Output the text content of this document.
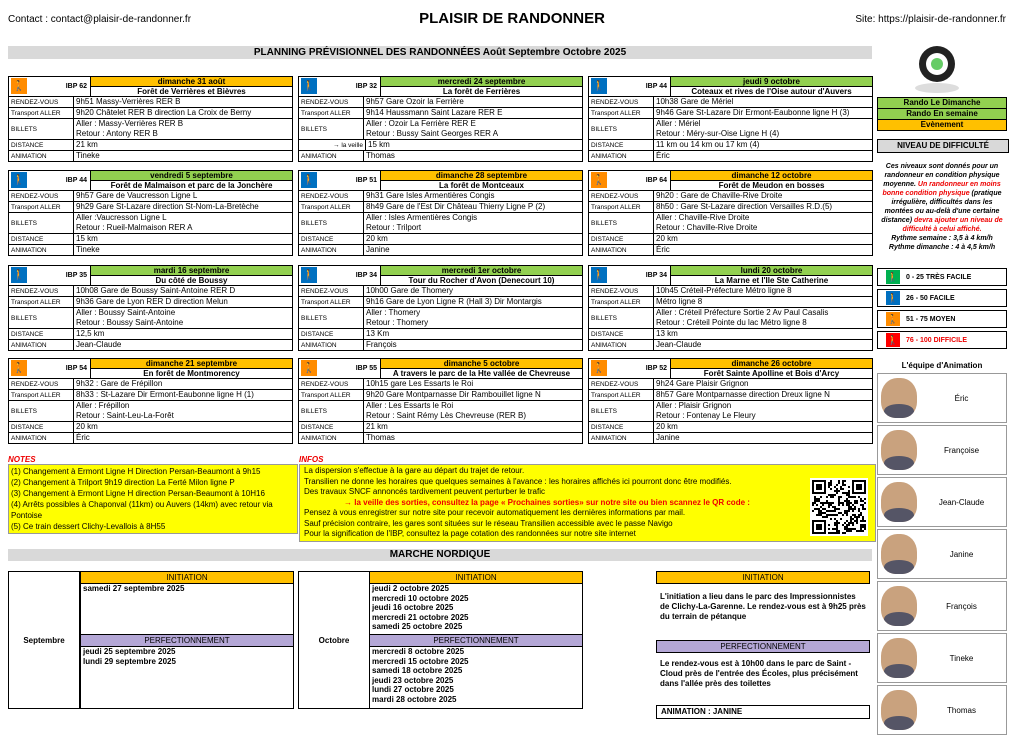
Contact : contact@plaisir-de-randonner.fr	PLAISIR DE RANDONNER	Site: https://plaisir-de-randonner.fr
PLANNING PRÉVISIONNEL DES RANDONNÉES Août Septembre Octobre 2025
🚶	IBP 62
dimanche 31 août
Forêt de Verrières et Bièvres
RENDEZ-VOUS	9h51 Massy-Verrières RER B
Transport ALLER	9h20 Châtelet RER B direction La Croix de Berny
BILLETS
Aller : Massy-Verrières RER B
Retour : Antony RER B
DISTANCE	21 km
ANIMATION	Tineke
🚶	IBP 32
mercredi 24 septembre
La forêt de Ferrières
RENDEZ-VOUS	9h57 Gare Ozoir la Ferrière
Transport ALLER	9h14 Haussmann Saint Lazare RER E
BILLETS
Aller : Ozoir La Ferrière RER E
Retour : Bussy Saint Georges RER A
→ la veille 15 km
ANIMATION	Thomas
🚶	IBP 44
jeudi 9 octobre
Coteaux et rives de l'Oise autour d'Auvers
RENDEZ-VOUS	10h38 Gare de Mériel
Transport ALLER	9h46 Gare St-Lazare Dir Ermont-Eaubonne ligne H (3)
BILLETS
Aller : Mériel
Retour : Méry-sur-Oise Ligne H (4)
DISTANCE	11 km ou 14 km ou 17 km (4)
ANIMATION	Éric
🚶	IBP 44
vendredi 5 septembre
Forêt de Malmaison et parc de la Jonchère
RENDEZ-VOUS	9h57 Gare de Vaucresson Ligne L
Transport ALLER	9h29 Gare St-Lazare direction St-Nom-La-Bretèche
BILLETS
Aller :Vaucresson Ligne L
Retour : Rueil-Malmaison RER A
DISTANCE	15 km
ANIMATION	Tineke
🚶	IBP 51
dimanche 28 septembre
La forêt de Montceaux
RENDEZ-VOUS	9h31 Gare Isles Armentières Congis
Transport ALLER	8h49 Gare de l'Est Dir Château Thierry Ligne P (2)
BILLETS
Aller : Isles Armentières Congis
Retour : Trilport
DISTANCE	20 km
ANIMATION	Janine
🚶	IBP 64
dimanche 12 octobre
Forêt de Meudon en bosses
RENDEZ-VOUS	9h20 : Gare de Chaville-Rive Droite
Transport ALLER	8h50 : Gare St-Lazare direction Versailles R.D.(5)
BILLETS
Aller : Chaville-Rive Droite
Retour : Chaville-Rive Droite
DISTANCE	20 km
ANIMATION	Éric
🚶	IBP 35
mardi 16 septembre
Du côté de Boussy
RENDEZ-VOUS	10h08 Gare de Boussy Saint-Antoine RER D
Transport ALLER	9h36 Gare de Lyon RER D direction Melun
BILLETS
Aller : Boussy Saint-Antoine
Retour : Boussy Saint-Antoine
DISTANCE	12,5 km
ANIMATION	Jean-Claude
🚶	IBP 34
mercredi 1er octobre
Tour du Rocher d'Avon (Denecourt 10)
RENDEZ-VOUS	10h00 Gare de Thomery
Transport ALLER	9h16 Gare de Lyon Ligne R (Hall 3) Dir Montargis
BILLETS
Aller : Thomery
Retour : Thomery
DISTANCE	13 Km
ANIMATION	François
🚶	IBP 34
lundi 20 octobre
La Marne et l'Ile Ste Catherine
RENDEZ-VOUS	10h45 Créteil-Préfecture Métro ligne 8
Transport ALLER	Métro ligne 8
BILLETS
Aller : Créteil Préfecture Sortie 2 Av Paul Casalis
Retour : Créteil Pointe du lac Métro ligne 8
DISTANCE	13 km
ANIMATION	Jean-Claude
🚶	IBP 54
dimanche 21 septembre
En forêt de Montmorency
RENDEZ-VOUS	9h32 : Gare de Frépillon
Transport ALLER	8h33 : St-Lazare Dir Ermont-Eaubonne ligne H (1)
BILLETS
Aller : Frépillon
Retour : Saint-Leu-La-Forêt
DISTANCE	20 km
ANIMATION	Éric
🚶	IBP 55
dimanche 5 octobre
A travers le parc de la Hte vallée de Chevreuse
RENDEZ-VOUS	10h15 gare Les Essarts le Roi
Transport ALLER	9h20 Gare Montparnasse Dir Rambouillet ligne N
BILLETS
Aller : Les Essarts le Roi
Retour : Saint Rémy Lès Chevreuse (RER B)
DISTANCE	21 km
ANIMATION	Thomas
🚶	IBP 52
dimanche 26 octobre
Forêt Sainte Apolline et Bois d'Arcy
RENDEZ-VOUS	9h24 Gare Plaisir Grignon
Transport ALLER	8h57 Gare Montparnasse direction Dreux ligne N
BILLETS
Aller : Plaisir Grignon
Retour : Fontenay Le Fleury
DISTANCE	20 km
ANIMATION	Janine
Rando Le Dimanche
Rando En semaine
Evènement
NIVEAU DE DIFFICULTÉ
Ces niveaux sont donnés pour un randonneur en condition physique moyenne. Un randonneur en moins bonne condition physique (pratique irrégulière, difficultés dans les montées ou au-delà d'une certaine distance) devra ajouter un niveau de difficulté à celui affiché.
Rythme semaine : 3,5 à 4 km/h
Rythme dimanche : 4 à 4,5 km/h
🚶 0 - 25 TRÈS FACILE
🚶 26 - 50 FACILE
🚶 51 - 75 MOYEN
🚶 76 - 100 DIFFICILE
L'équipe d'Animation
Éric
Françoise
Jean-Claude
Janine
François
Tineke
Thomas
NOTES
(1) Changement à Ermont Ligne H Direction Persan-Beaumont à 9h15
(2) Changement à Trilport 9h19 direction La Ferté Milon ligne P
(3) Changement à Ermont Ligne H direction Persan-Beaumont à 10H16
(4) Arrêts possibles à Chaponval (11km) ou Auvers (14km) avec retour via Pontoise
(5) Ce train dessert Clichy-Levallois à 8H55
INFOS
La dispersion s'effectue à la gare au départ du trajet de retour.
Transilien ne donne les horaires que quelques semaines à l'avance : les horaires affichés ici pourront donc être modifiés.
Des travaux SNCF annoncés tardivement peuvent perturber le trafic
→ la veille des sorties, consultez la page « Prochaines sorties» sur notre site ou bien scannez le QR code :
Pensez à vous enregistrer sur notre site pour recevoir automatiquement les dernières informations par mail.
Sauf précision contraire, les gares sont situées sur le réseau Transilien accessible avec le passe Navigo
Pour la signification de l'IBP, consultez la page cotation des randonnées sur notre site internet
MARCHE NORDIQUE
Septembre
INITIATION
samedi 27 septembre 2025
PERFECTIONNEMENT
jeudi 25 septembre 2025
lundi 29 septembre 2025
Octobre
INITIATION
jeudi 2 octobre 2025
mercredi 10 octobre 2025
jeudi 16 octobre 2025
mercredi 21 octobre 2025
samedi 25 octobre 2025
PERFECTIONNEMENT
mercredi 8 octobre 2025
mercredi 15 octobre 2025
samedi 18 octobre 2025
jeudi 23 octobre 2025
lundi 27 octobre 2025
mardi 28 octobre 2025
INITIATION
L'initiation a lieu dans le parc des Impressionnistes de Clichy-La-Garenne. Le rendez-vous est à 9h25 près du terrain de pétanque
PERFECTIONNEMENT
Le rendez-vous est à 10h00 dans le parc de Saint -Cloud près de l'entrée des Écoles, plus précisément dans l'allée près des toilettes
ANIMATION : JANINE
